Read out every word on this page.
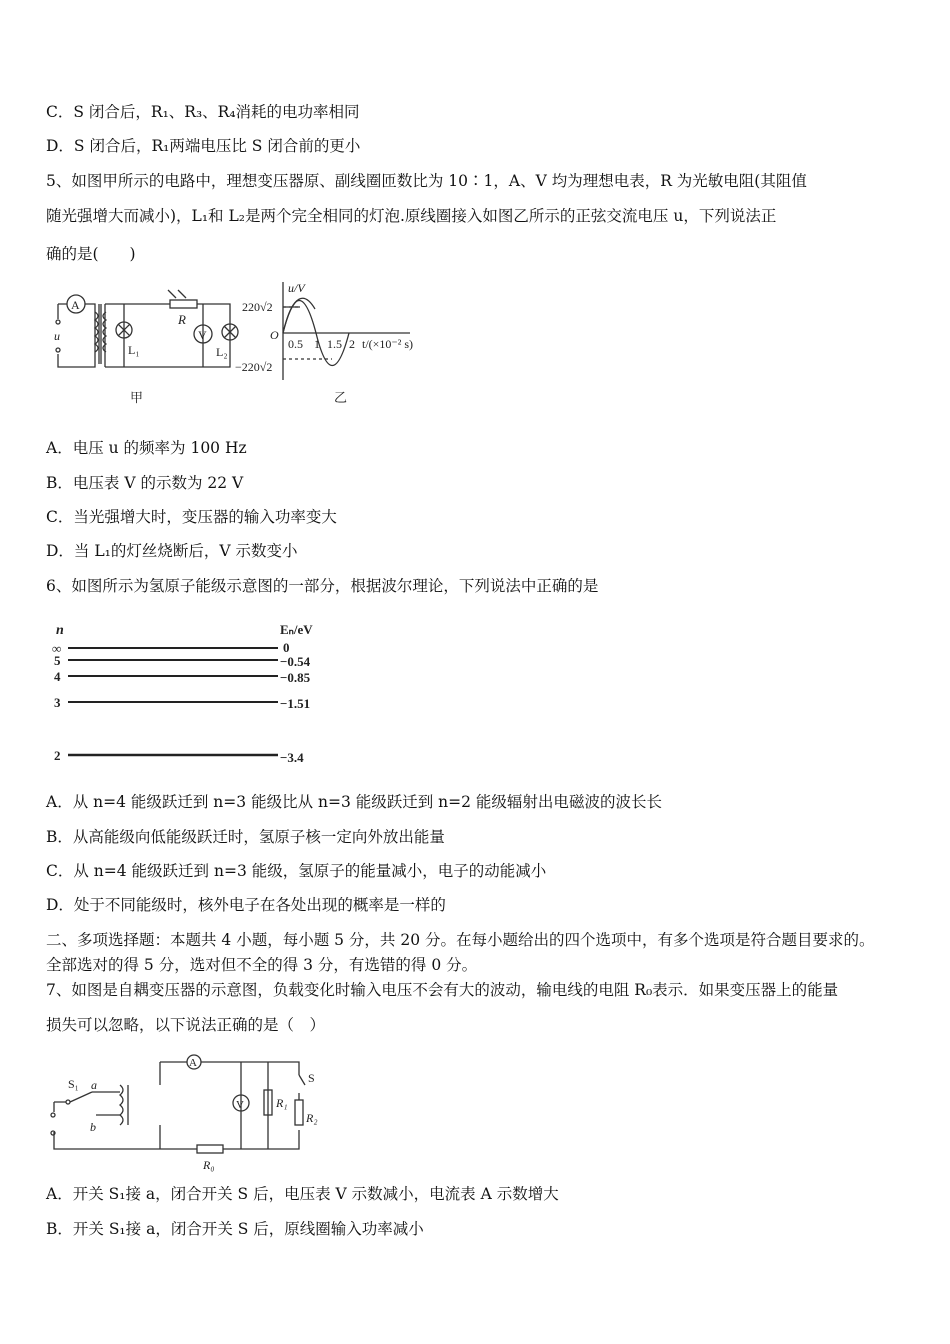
C．S 闭合后，R₁、R₃、R₄消耗的电功率相同
D．S 闭合后，R₁两端电压比 S 闭合前的更小
5、如图甲所示的电路中，理想变压器原、副线圈匝数比为 10∶1，A、V 均为理想电表，R 为光敏电阻(其阻值
随光强增大而减小)，L₁和 L₂是两个完全相同的灯泡.原线圈接入如图乙所示的正弦交流电压 u，下列说法正
确的是(　　)
A
u
R
L₁
V
L₂
甲
u/V
220√2
O
−220√2
0.5 1 1.5 2 t/(×10⁻² s)
乙
A．电压 u 的频率为 100 Hz
B．电压表 V 的示数为 22 V
C．当光强增大时，变压器的输入功率变大
D．当 L₁的灯丝烧断后，V 示数变小
6、如图所示为氢原子能级示意图的一部分，根据波尔理论，下列说法中正确的是
n	Eₙ/eV
∞	0
5	−0.54
4	−0.85
3	−1.51
2	−3.4
A．从 n=4 能级跃迁到 n=3 能级比从 n=3 能级跃迁到 n=2 能级辐射出电磁波的波长长
B．从高能级向低能级跃迁时，氢原子核一定向外放出能量
C．从 n=4 能级跃迁到 n=3 能级，氢原子的能量减小，电子的动能减小
D．处于不同能级时，核外电子在各处出现的概率是一样的
二、多项选择题：本题共 4 小题，每小题 5 分，共 20 分。在每小题给出的四个选项中，有多个选项是符合题目要求的。
全部选对的得 5 分，选对但不全的得 3 分，有选错的得 0 分。
7、如图是自耦变压器的示意图，负载变化时输入电压不会有大的波动，输电线的电阻 R₀表示．如果变压器上的能量
损失可以忽略，以下说法正确的是（　）
A
V
S₁ a
b
R₁
R₂
S
R₀
A．开关 S₁接 a，闭合开关 S 后，电压表 V 示数减小，电流表 A 示数增大
B．开关 S₁接 a，闭合开关 S 后，原线圈输入功率减小
